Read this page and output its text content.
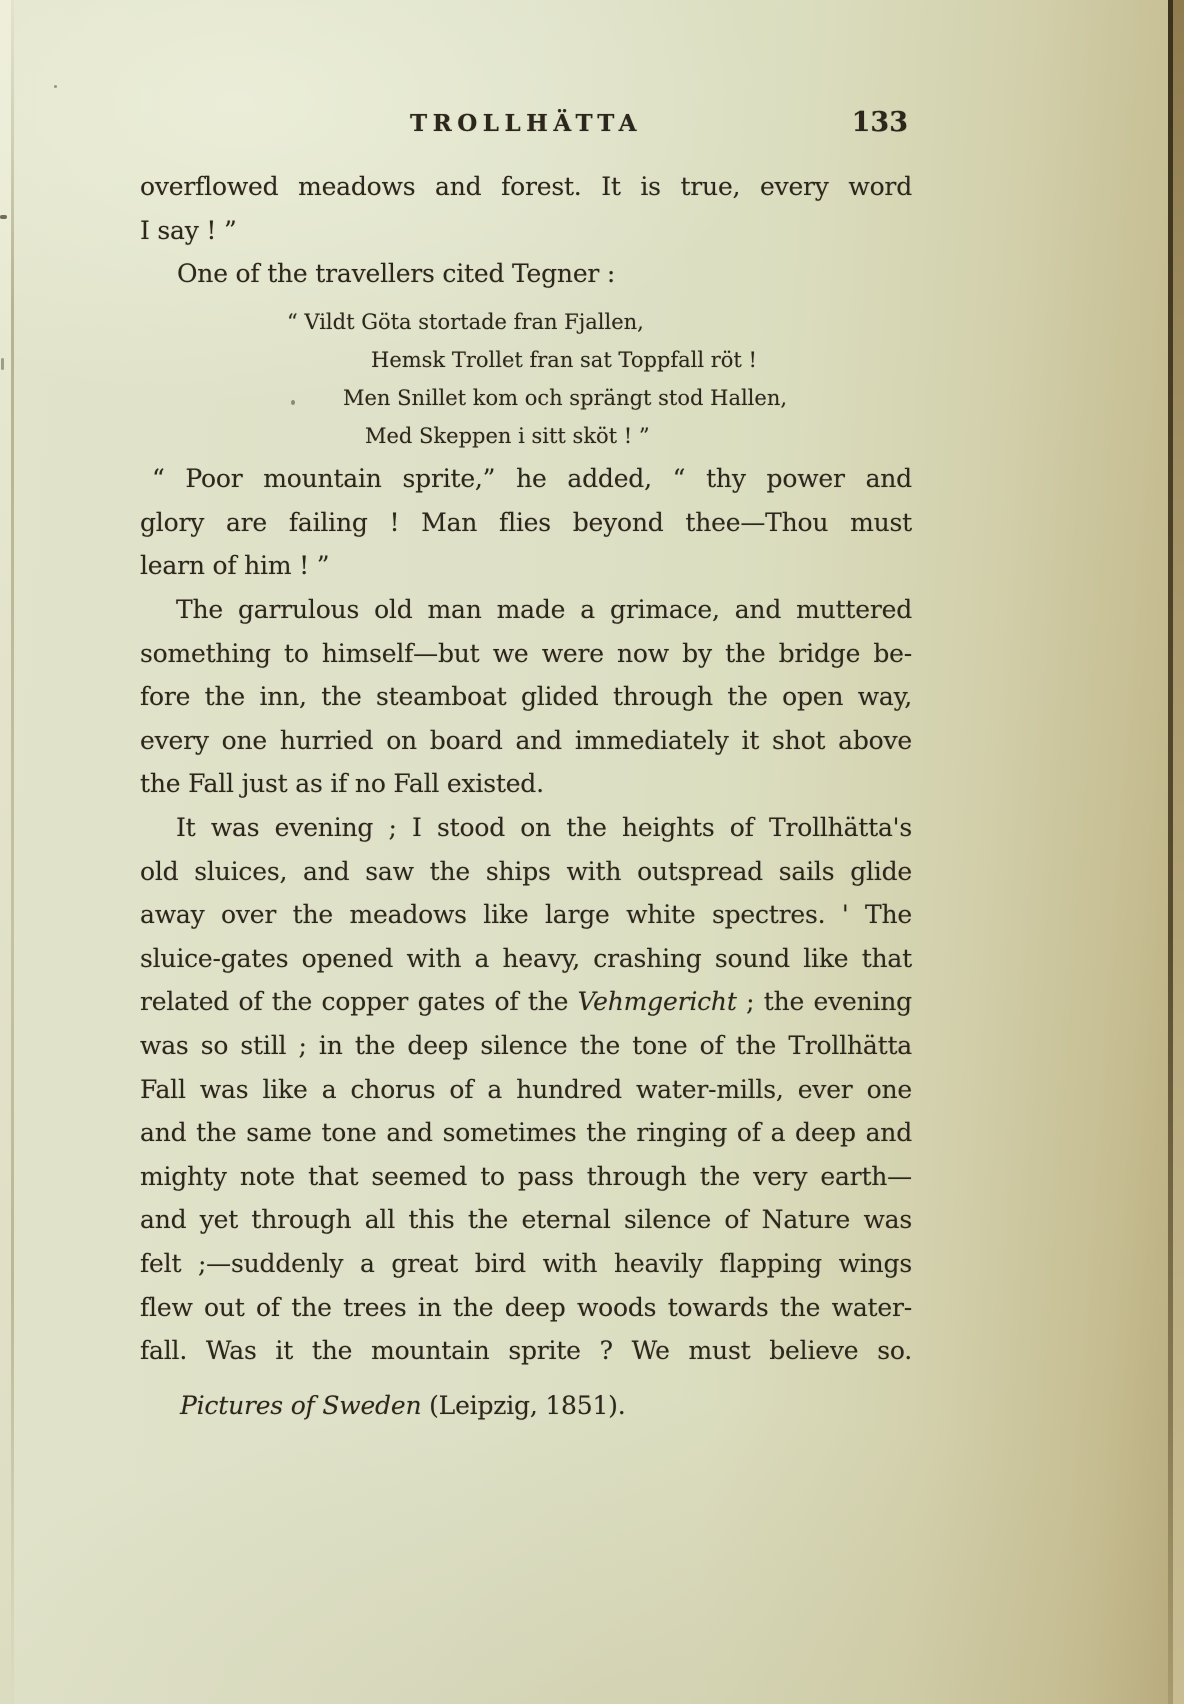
TROLLHÄTTA	133
overflowed meadows and forest. It is true, every word
I say ! ”
One of the travellers cited Tegner :
“ Vildt Göta stortade fran Fjallen,
Hemsk Trollet fran sat Toppfall röt !
Men Snillet kom och sprängt stod Hallen,
Med Skeppen i sitt sköt ! ”
“ Poor mountain sprite,” he added, “ thy power and
glory are failing ! Man flies beyond thee—Thou must
learn of him ! ”
The garrulous old man made a grimace, and muttered
something to himself—but we were now by the bridge be-
fore the inn, the steamboat glided through the open way,
every one hurried on board and immediately it shot above
the Fall just as if no Fall existed.
It was evening ; I stood on the heights of Trollhätta's
old sluices, and saw the ships with outspread sails glide
away over the meadows like large white spectres. ' The
sluice-gates opened with a heavy, crashing sound like that
related of the copper gates of the Vehmgericht ; the evening
was so still ; in the deep silence the tone of the Trollhätta
Fall was like a chorus of a hundred water-mills, ever one
and the same tone and sometimes the ringing of a deep and
mighty note that seemed to pass through the very earth—
and yet through all this the eternal silence of Nature was
felt ;—suddenly a great bird with heavily flapping wings
flew out of the trees in the deep woods towards the water-
fall. Was it the mountain sprite ? We must believe so.
Pictures of Sweden (Leipzig, 1851).
